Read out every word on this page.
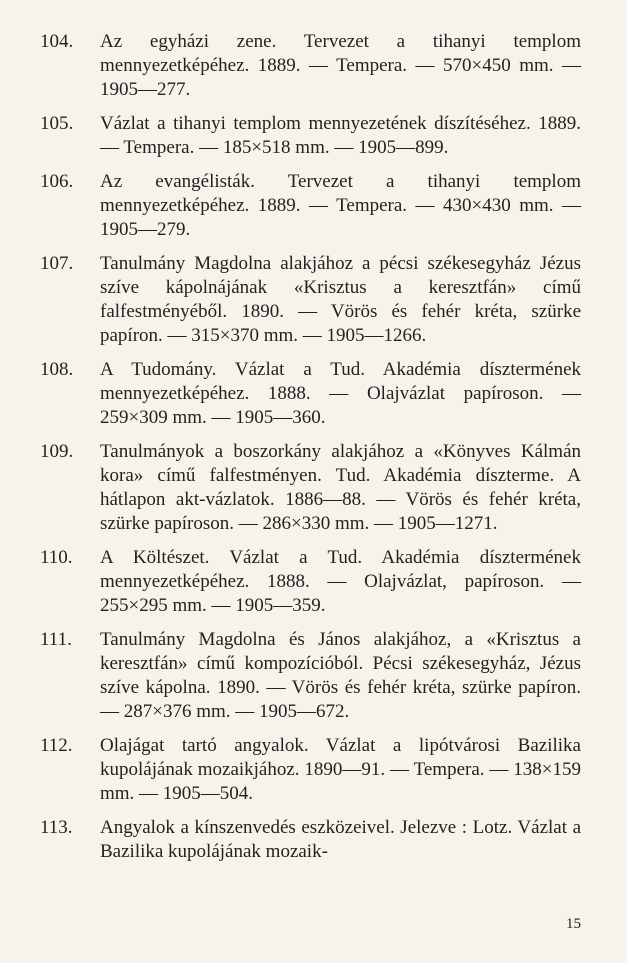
104.	Az egyházi zene. Tervezet a tihanyi templom mennyezetképéhez. 1889. — Tempera. — 570×450 mm. — 1905—277.
105.	Vázlat a tihanyi templom mennyezetének díszítéséhez. 1889. — Tempera. — 185×518 mm. — 1905—899.
106.	Az evangélisták. Tervezet a tihanyi templom mennyezetképéhez. 1889. — Tempera. — 430×430 mm. — 1905—279.
107.	Tanulmány Magdolna alakjához a pécsi székesegyház Jézus szíve kápolnájának «Krisztus a keresztfán» című falfestményéből. 1890. — Vörös és fehér kréta, szürke papíron. — 315×370 mm. — 1905—1266.
108.	A Tudomány. Vázlat a Tud. Akadémia dísztermének mennyezetképéhez. 1888. — Olajvázlat papíroson. — 259×309 mm. — 1905—360.
109.	Tanulmányok a boszorkány alakjához a «Könyves Kálmán kora» című falfestményen. Tud. Akadémia díszterme. A hátlapon akt-vázlatok. 1886—88. — Vörös és fehér kréta, szürke papíroson. — 286×330 mm. — 1905—1271.
110.	A Költészet. Vázlat a Tud. Akadémia dísztermének mennyezetképéhez. 1888. — Olajvázlat, papíroson. — 255×295 mm. — 1905—359.
111.	Tanulmány Magdolna és János alakjához, a «Krisztus a keresztfán» című kompozícióból. Pécsi székesegyház, Jézus szíve kápolna. 1890. — Vörös és fehér kréta, szürke papíron. — 287×376 mm. — 1905—672.
112.	Olajágat tartó angyalok. Vázlat a lipótvárosi Bazilika kupolájának mozaikjához. 1890—91. — Tempera. — 138×159 mm. — 1905—504.
113.	Angyalok a kínszenvedés eszközeivel. Jelezve : Lotz. Vázlat a Bazilika kupolájának mozaik-
15
